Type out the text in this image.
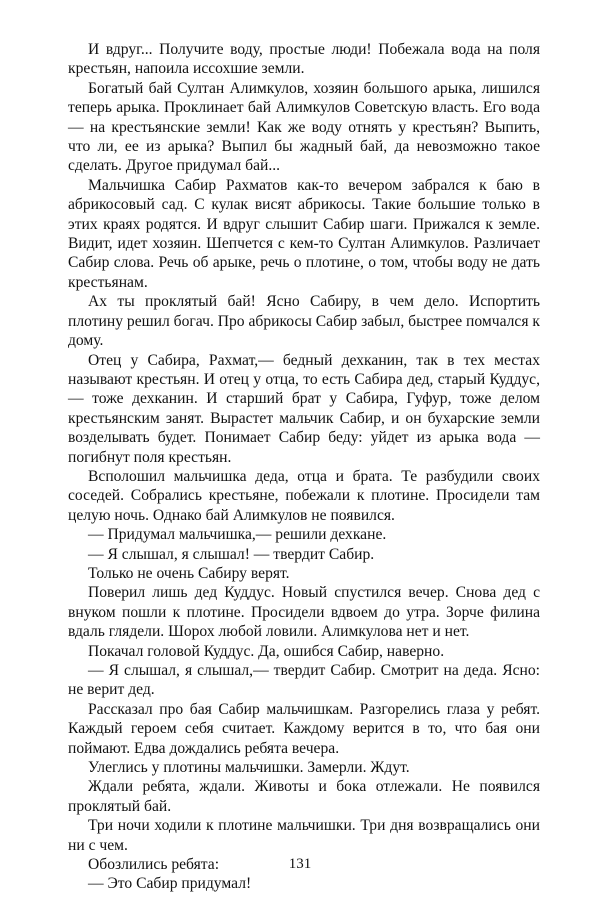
И вдруг... Получите воду, простые люди! Побежала вода на поля крестьян, напоила иссохшие земли.

Богатый бай Султан Алимкулов, хозяин большого арыка, лишился теперь арыка. Проклинает бай Алимкулов Советскую власть. Его вода — на крестьянские земли! Как же воду отнять у крестьян? Выпить, что ли, ее из арыка? Выпил бы жадный бай, да невозможно такое сделать. Другое придумал бай...

Мальчишка Сабир Рахматов как-то вечером забрался к баю в абрикосовый сад. С кулак висят абрикосы. Такие большие только в этих краях родятся. И вдруг слышит Сабир шаги. Прижался к земле. Видит, идет хозяин. Шепчется с кем-то Султан Алимкулов. Различает Сабир слова. Речь об арыке, речь о плотине, о том, чтобы воду не дать крестьянам.

Ах ты проклятый бай! Ясно Сабиру, в чем дело. Испортить плотину решил богач. Про абрикосы Сабир забыл, быстрее помчался к дому.

Отец у Сабира, Рахмат,— бедный дехканин, так в тех местах называют крестьян. И отец у отца, то есть Сабира дед, старый Куддус,— тоже дехканин. И старший брат у Сабира, Гуфур, тоже делом крестьянским занят. Вырастет мальчик Сабир, и он бухарские земли возделывать будет. Понимает Сабир беду: уйдет из арыка вода — погибнут поля крестьян.

Всполошил мальчишка деда, отца и брата. Те разбудили своих соседей. Собрались крестьяне, побежали к плотине. Просидели там целую ночь. Однако бай Алимкулов не появился.

— Придумал мальчишка,— решили дехкане.

— Я слышал, я слышал! — твердит Сабир.

Только не очень Сабиру верят.

Поверил лишь дед Куддус. Новый спустился вечер. Снова дед с внуком пошли к плотине. Просидели вдвоем до утра. Зорче филина вдаль глядели. Шорох любой ловили. Алимкулова нет и нет.

Покачал головой Куддус. Да, ошибся Сабир, наверно.

— Я слышал, я слышал,— твердит Сабир. Смотрит на деда. Ясно: не верит дед.

Рассказал про бая Сабир мальчишкам. Разгорелись глаза у ребят. Каждый героем себя считает. Каждому верится в то, что бая они поймают. Едва дождались ребята вечера.

Улеглись у плотины мальчишки. Замерли. Ждут.

Ждали ребята, ждали. Животы и бока отлежали. Не появился проклятый бай.

Три ночи ходили к плотине мальчишки. Три дня возвращались они ни с чем.

Обозлились ребята:

— Это Сабир придумал!

131
